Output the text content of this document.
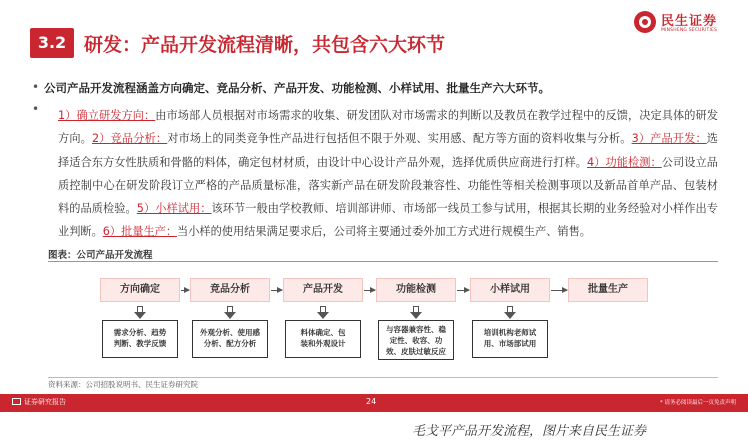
3.2 研发：产品开发流程清晰，共包含六大环节
民生证券
MINSHENG SECURITIES
• 公司产品开发流程涵盖方向确定、竞品分析、产品开发、功能检测、小样试用、批量生产六大环节。
• 1）确立研发方向：由市场部人员根据对市场需求的收集、研发团队对市场需求的判断以及教员在教学过程中的反馈，决定具体的研发方向。2）竞品分析：对市场上的同类竞争性产品进行包括但不限于外观、实用感、配方等方面的资料收集与分析。3）产品开发：选择适合东方女性肤质和骨骼的料体，确定包材材质，由设计中心设计产品外观，选择优质供应商进行打样。4）功能检测：公司设立品质控制中心在研发阶段订立严格的产品质量标准，落实新产品在研发阶段兼容性、功能性等相关检测事项以及新品首单产品、包装材料的品质检验。5）小样试用：该环节一般由学校教师、培训部讲师、市场部一线员工参与试用，根据其长期的业务经验对小样作出专业判断。6）批量生产：当小样的使用结果满足要求后，公司将主要通过委外加工方式进行规模生产、销售。
图表：公司产品开发流程
方向确定	竞品分析	产品开发	功能检测	小样试用	批量生产
需求分析、趋势
判断、教学反馈
外观分析、使用感
分析、配方分析
料体确定、包
装和外观设计
与容器兼容性、稳
定性、收容、功
效、皮肤过敏反应
培训机构老师试
用、市场部试用
资料来源：公司招股说明书、民生证券研究院
证券研究报告	24	* 请务必阅读最后一页免责声明
毛戈平产品开发流程，图片来自民生证券
